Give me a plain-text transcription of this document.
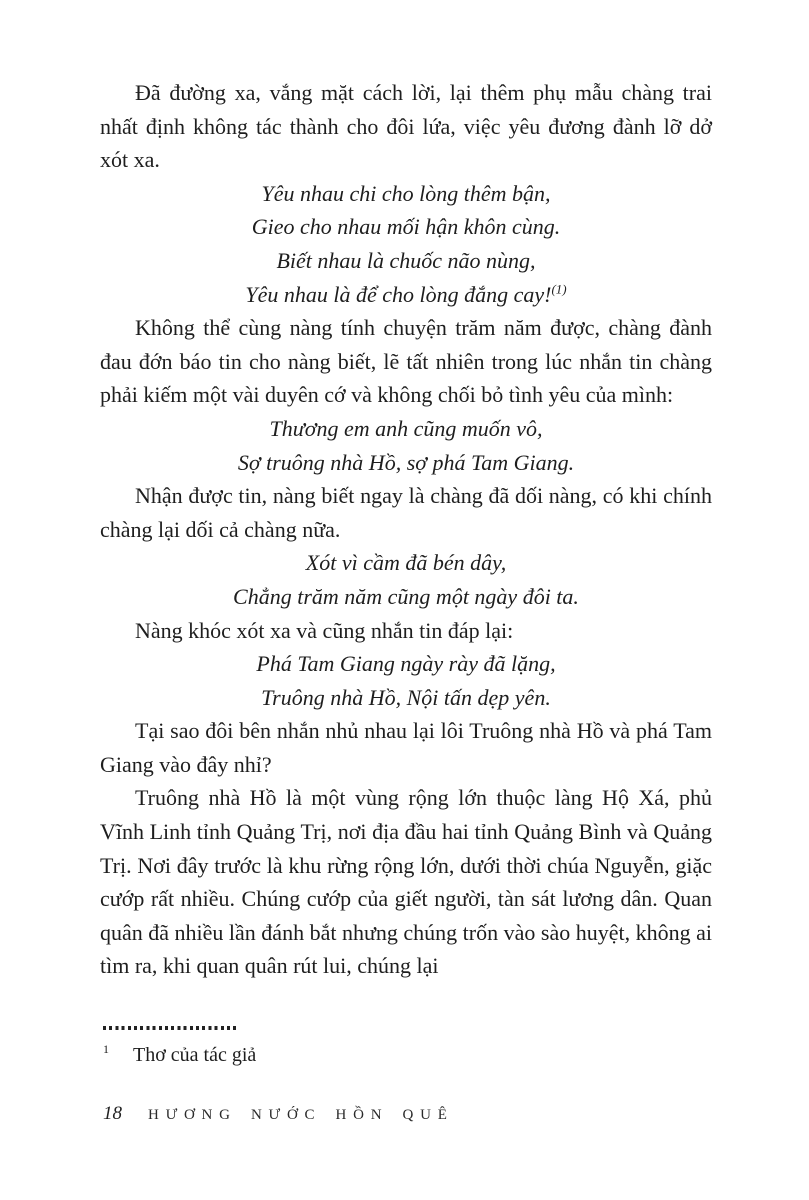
Đã đường xa, vắng mặt cách lời, lại thêm phụ mẫu chàng trai nhất định không tác thành cho đôi lứa, việc yêu đương đành lỡ dở xót xa.

Yêu nhau chi cho lòng thêm bận,

Gieo cho nhau mối hận khôn cùng.

Biết nhau là chuốc não nùng,

Yêu nhau là để cho lòng đắng cay!$^{(1)}$

Không thể cùng nàng tính chuyện trăm năm được, chàng đành đau đớn báo tin cho nàng biết, lẽ tất nhiên trong lúc nhắn tin chàng phải kiếm một vài duyên cớ và không chối bỏ tình yêu của mình:

Thương em anh cũng muốn vô,

Sợ truông nhà Hồ, sợ phá Tam Giang.

Nhận được tin, nàng biết ngay là chàng đã dối nàng, có khi chính chàng lại dối cả chàng nữa.

Xót vì cầm đã bén dây,

Chẳng trăm năm cũng một ngày đôi ta.

Nàng khóc xót xa và cũng nhắn tin đáp lại:

Phá Tam Giang ngày rày đã lặng,

Truông nhà Hồ, Nội tấn dẹp yên.

Tại sao đôi bên nhắn nhủ nhau lại lôi Truông nhà Hồ và phá Tam Giang vào đây nhỉ?

Truông nhà Hồ là một vùng rộng lớn thuộc làng Hộ Xá, phủ Vĩnh Linh tỉnh Quảng Trị, nơi địa đầu hai tỉnh Quảng Bình và Quảng Trị. Nơi đây trước là khu rừng rộng lớn, dưới thời chúa Nguyễn, giặc cướp rất nhiều. Chúng cướp của giết người, tàn sát lương dân. Quan quân đã nhiều lần đánh bắt nhưng chúng trốn vào sào huyệt, không ai tìm ra, khi quan quân rút lui, chúng lại

$^1$ Thơ của tác giả
18 HƯƠNG NƯỚC HỒN QUÊ
